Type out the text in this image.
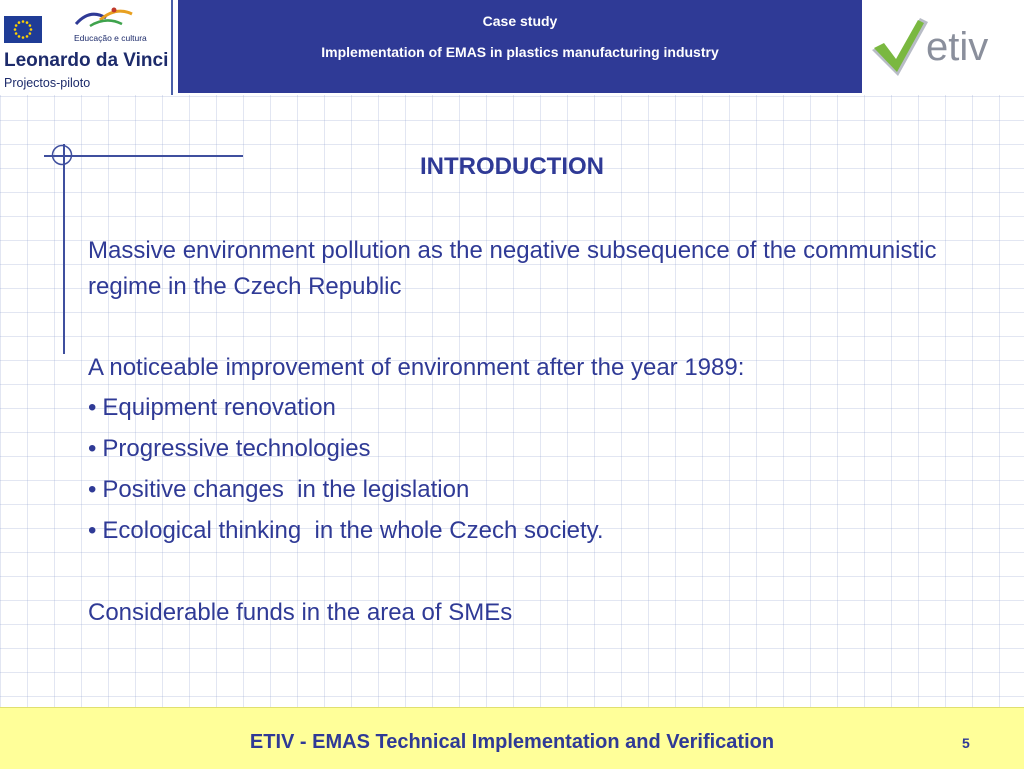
Educação e cultura
Leonardo da Vinci
Projectos-piloto
Case study
Implementation of EMAS in plastics manufacturing industry	etiv
INTRODUCTION
Massive environment pollution as the negative subsequence of the communistic regime in the Czech Republic
A noticeable improvement of environment after the year 1989:
• Equipment renovation
• Progressive technologies
• Positive changes  in the legislation
• Ecological thinking  in the whole Czech society.
Considerable funds in the area of SMEs
ETIV - EMAS Technical Implementation and Verification	5
